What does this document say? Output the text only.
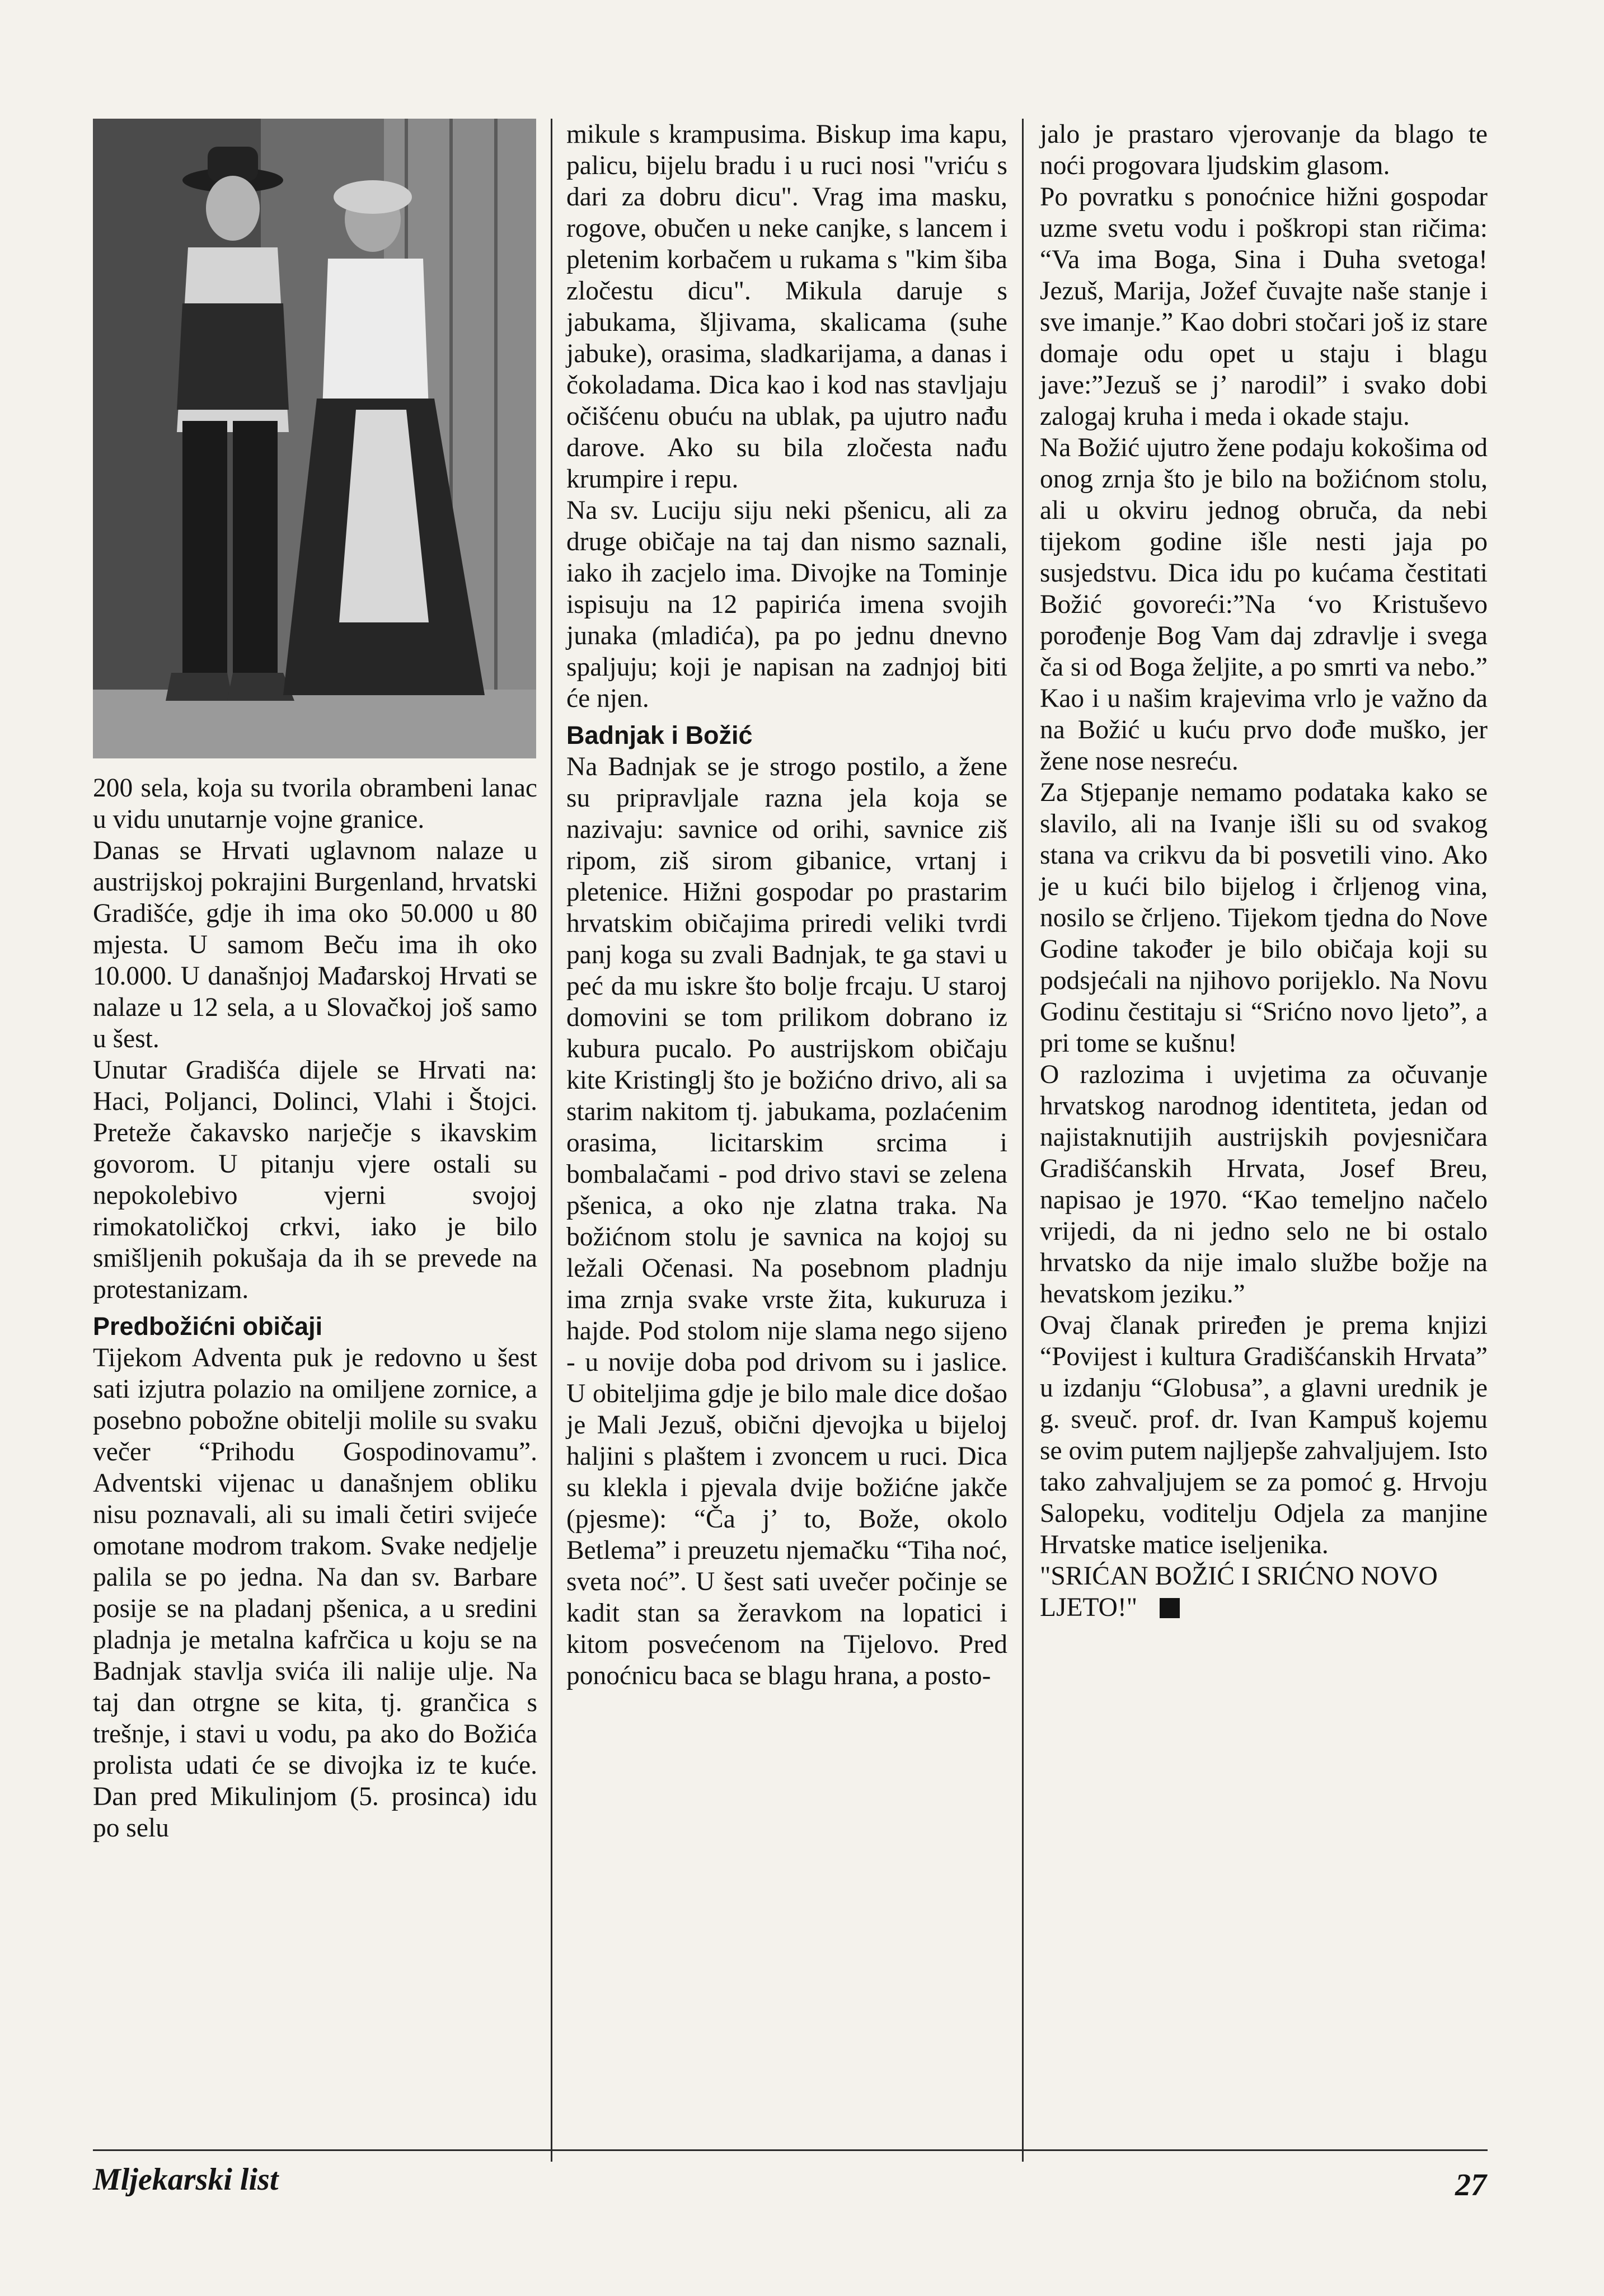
200 sela, koja su tvorila obrambeni lanac u vidu unutarnje vojne granice.

Danas se Hrvati uglavnom nalaze u austrijskoj pokrajini Burgenland, hrvatski Gradišće, gdje ih ima oko 50.000 u 80 mjesta. U samom Beču ima ih oko 10.000. U današnjoj Mađarskoj Hrvati se nalaze u 12 sela, a u Slovačkoj još samo u šest.

Unutar Gradišća dijele se Hrvati na: Haci, Poljanci, Dolinci, Vlahi i Štojci. Preteže čakavsko narječje s ikavskim govorom. U pitanju vjere ostali su nepokolebivo vjerni svojoj rimokatoličkoj crkvi, iako je bilo smišljenih pokušaja da ih se prevede na protestanizam.

Predbožićni običaji

Tijekom Adventa puk je redovno u šest sati izjutra polazio na omiljene zornice, a posebno pobožne obitelji molile su svaku večer “Prihodu Gospodinovamu”. Adventski vijenac u današnjem obliku nisu poznavali, ali su imali četiri svijeće omotane modrom trakom. Svake nedjelje palila se po jedna. Na dan sv. Barbare posije se na pladanj pšenica, a u sredini pladnja je metalna kafrčica u koju se na Badnjak stavlja svića ili nalije ulje. Na taj dan otrgne se kita, tj. grančica s trešnje, i stavi u vodu, pa ako do Božića prolista udati će se divojka iz te kuće. Dan pred Mikulinjom (5. prosinca) idu po selu

mikule s krampusima. Biskup ima kapu, palicu, bijelu bradu i u ruci nosi "vriću s dari za dobru dicu". Vrag ima masku, rogove, obučen u neke canjke, s lancem i pletenim korbačem u rukama s "kim šiba zločestu dicu". Mikula daruje s jabukama, šljivama, skalicama (suhe jabuke), orasima, sladkarijama, a danas i čokoladama. Dica kao i kod nas stavljaju očišćenu obuću na ublak, pa ujutro nađu darove. Ako su bila zločesta nađu krumpire i repu.

Na sv. Luciju siju neki pšenicu, ali za druge običaje na taj dan nismo saznali, iako ih zacjelo ima. Divojke na Tominje ispisuju na 12 papirića imena svojih junaka (mladića), pa po jednu dnevno spaljuju; koji je napisan na zadnjoj biti će njen.

Badnjak i Božić

Na Badnjak se je strogo postilo, a žene su pripravljale razna jela koja se nazivaju: savnice od orihi, savnice ziš ripom, ziš sirom gibanice, vrtanj i pletenice. Hižni gospodar po prastarim hrvatskim običajima priredi veliki tvrdi panj koga su zvali Badnjak, te ga stavi u peć da mu iskre što bolje frcaju. U staroj domovini se tom prilikom dobrano iz kubura pucalo. Po austrijskom običaju kite Kristinglj što je božićno drivo, ali sa starim nakitom tj. jabukama, pozlaćenim orasima, licitarskim srcima i bombalačami - pod drivo stavi se zelena pšenica, a oko nje zlatna traka. Na božićnom stolu je savnica na kojoj su ležali Očenasi. Na posebnom pladnju ima zrnja svake vrste žita, kukuruza i hajde. Pod stolom nije slama nego sijeno - u novije doba pod drivom su i jaslice. U obiteljima gdje je bilo male dice došao je Mali Jezuš, obični djevojka u bijeloj haljini s plaštem i zvoncem u ruci. Dica su klekla i pjevala dvije božićne jakče (pjesme): “Ča j’ to, Bože, okolo Betlema” i preuzetu njemačku “Tiha noć, sveta noć”. U šest sati uvečer počinje se kadit stan sa žeravkom na lopatici i kitom posvećenom na Tijelovo. Pred ponoćnicu baca se blagu hrana, a posto-

jalo je prastaro vjerovanje da blago te noći progovara ljudskim glasom.

Po povratku s ponoćnice hižni gospodar uzme svetu vodu i poškropi stan ričima: “Va ima Boga, Sina i Duha svetoga! Jezuš, Marija, Jožef čuvajte naše stanje i sve imanje.” Kao dobri stočari još iz stare domaje odu opet u staju i blagu jave:”Jezuš se j’ narodil” i svako dobi zalogaj kruha i meda i okade staju.

Na Božić ujutro žene podaju kokošima od onog zrnja što je bilo na božićnom stolu, ali u okviru jednog obruča, da nebi tijekom godine išle nesti jaja po susjedstvu. Dica idu po kućama čestitati Božić govoreći:”Na ‘vo Kristuševo porođenje Bog Vam daj zdravlje i svega ča si od Boga željite, a po smrti va nebo.” Kao i u našim krajevima vrlo je važno da na Božić u kuću prvo dođe muško, jer žene nose nesreću.

Za Stjepanje nemamo podataka kako se slavilo, ali na Ivanje išli su od svakog stana va crikvu da bi posvetili vino. Ako je u kući bilo bijelog i črljenog vina, nosilo se črljeno. Tijekom tjedna do Nove Godine također je bilo običaja koji su podsjećali na njihovo porijeklo. Na Novu Godinu čestitaju si “Srićno novo ljeto”, a pri tome se kušnu!

O razlozima i uvjetima za očuvanje hrvatskog narodnog identiteta, jedan od najistaknutijih austrijskih povjesničara Gradišćanskih Hrvata, Josef Breu, napisao je 1970. “Kao temeljno načelo vrijedi, da ni jedno selo ne bi ostalo hrvatsko da nije imalo službe božje na hevatskom jeziku.”

Ovaj članak priređen je prema knjizi “Povijest i kultura Gradišćanskih Hrvata” u izdanju “Globusa”, a glavni urednik je g. sveuč. prof. dr. Ivan Kampuš kojemu se ovim putem najljepše zahvaljujem. Isto tako zahvaljujem se za pomoć g. Hrvoju Salopeku, voditelju Odjela za manjine Hrvatske matice iseljenika.

"SRIĆAN BOŽIĆ I SRIĆNO NOVO LJETO!"

Mljekarski list	27
